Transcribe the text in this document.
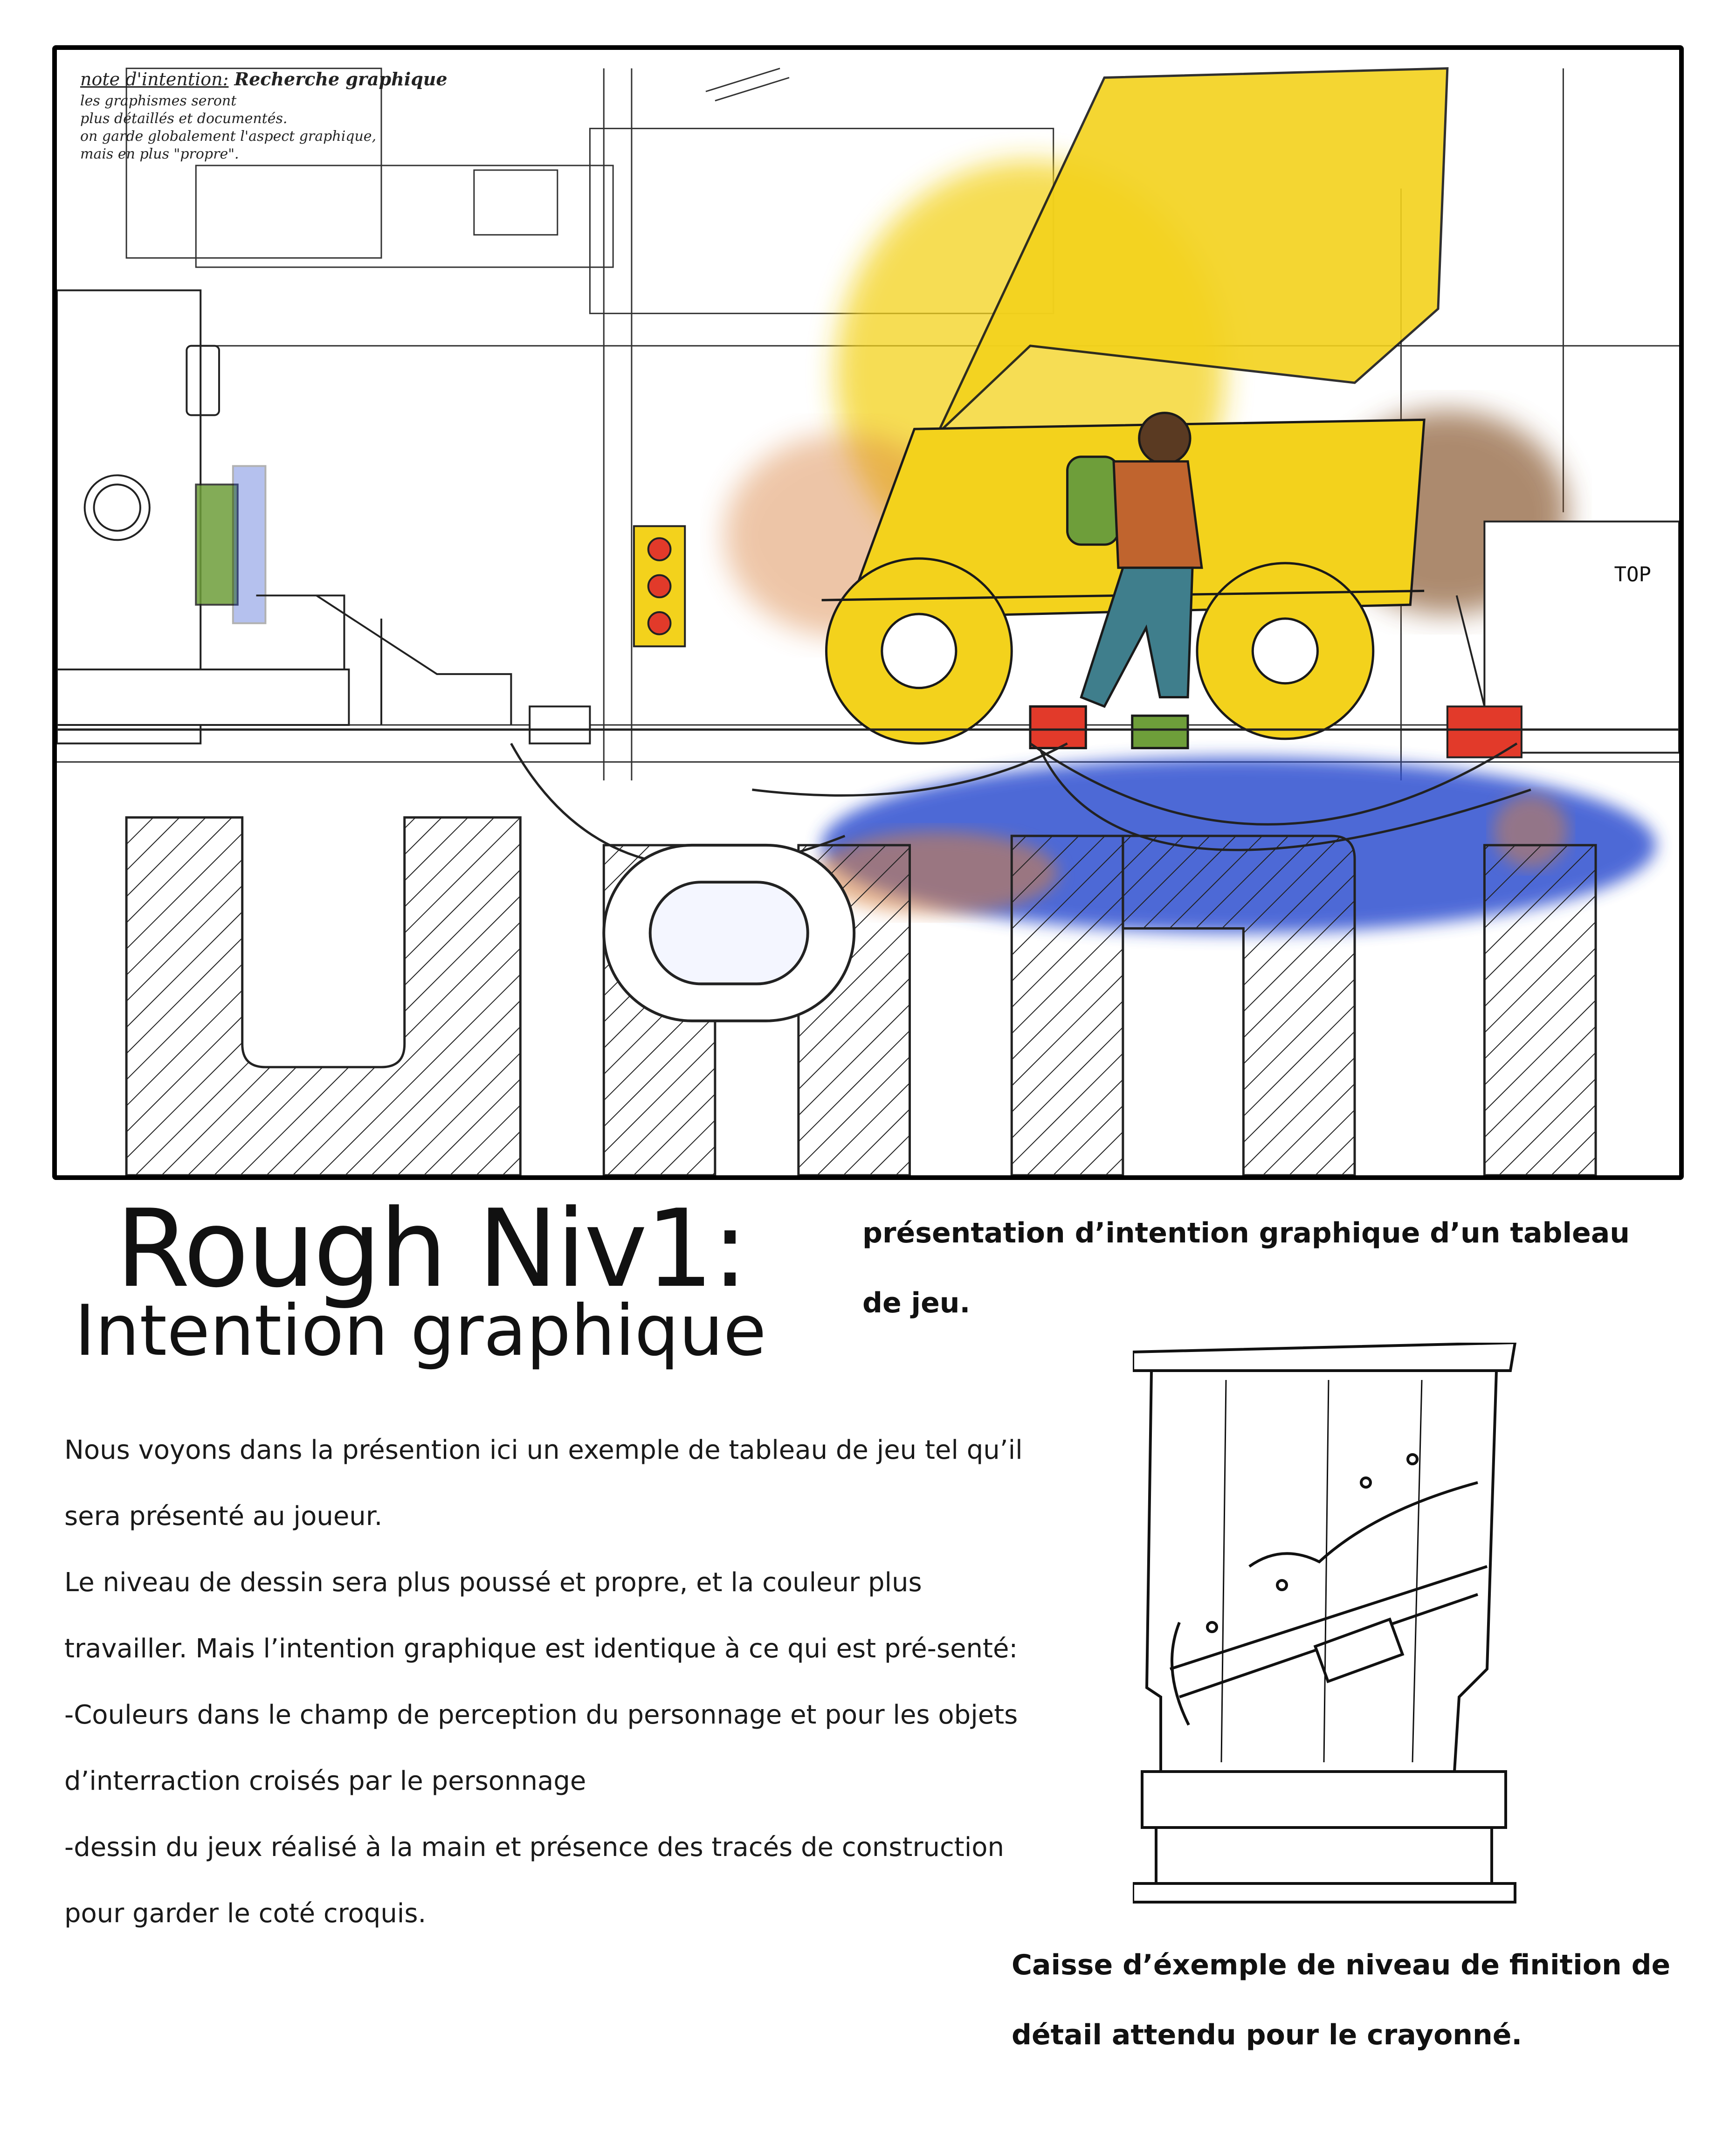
note d'intention: Recherche graphique
les graphismes seront
plus détaillés et documentés.
on garde globalement l'aspect graphique,
mais en plus "propre".
TOP
Rough Niv1:
Intention graphique
présentation d’intention graphique d’un tableau de jeu.

Nous voyons dans la présention ici un exemple de tableau de jeu tel qu’il sera présenté au joueur.

Le niveau de dessin sera plus poussé et propre, et la couleur plus travailler. Mais l’intention graphique est identique à ce qui est pré-senté:

-Couleurs dans le champ de perception du personnage et pour les objets d’interraction croisés par le personnage

-dessin du jeux réalisé à la main et présence des tracés de construction pour garder le coté croquis.

Caisse d’éxemple de niveau de finition de détail attendu pour le crayonné.
